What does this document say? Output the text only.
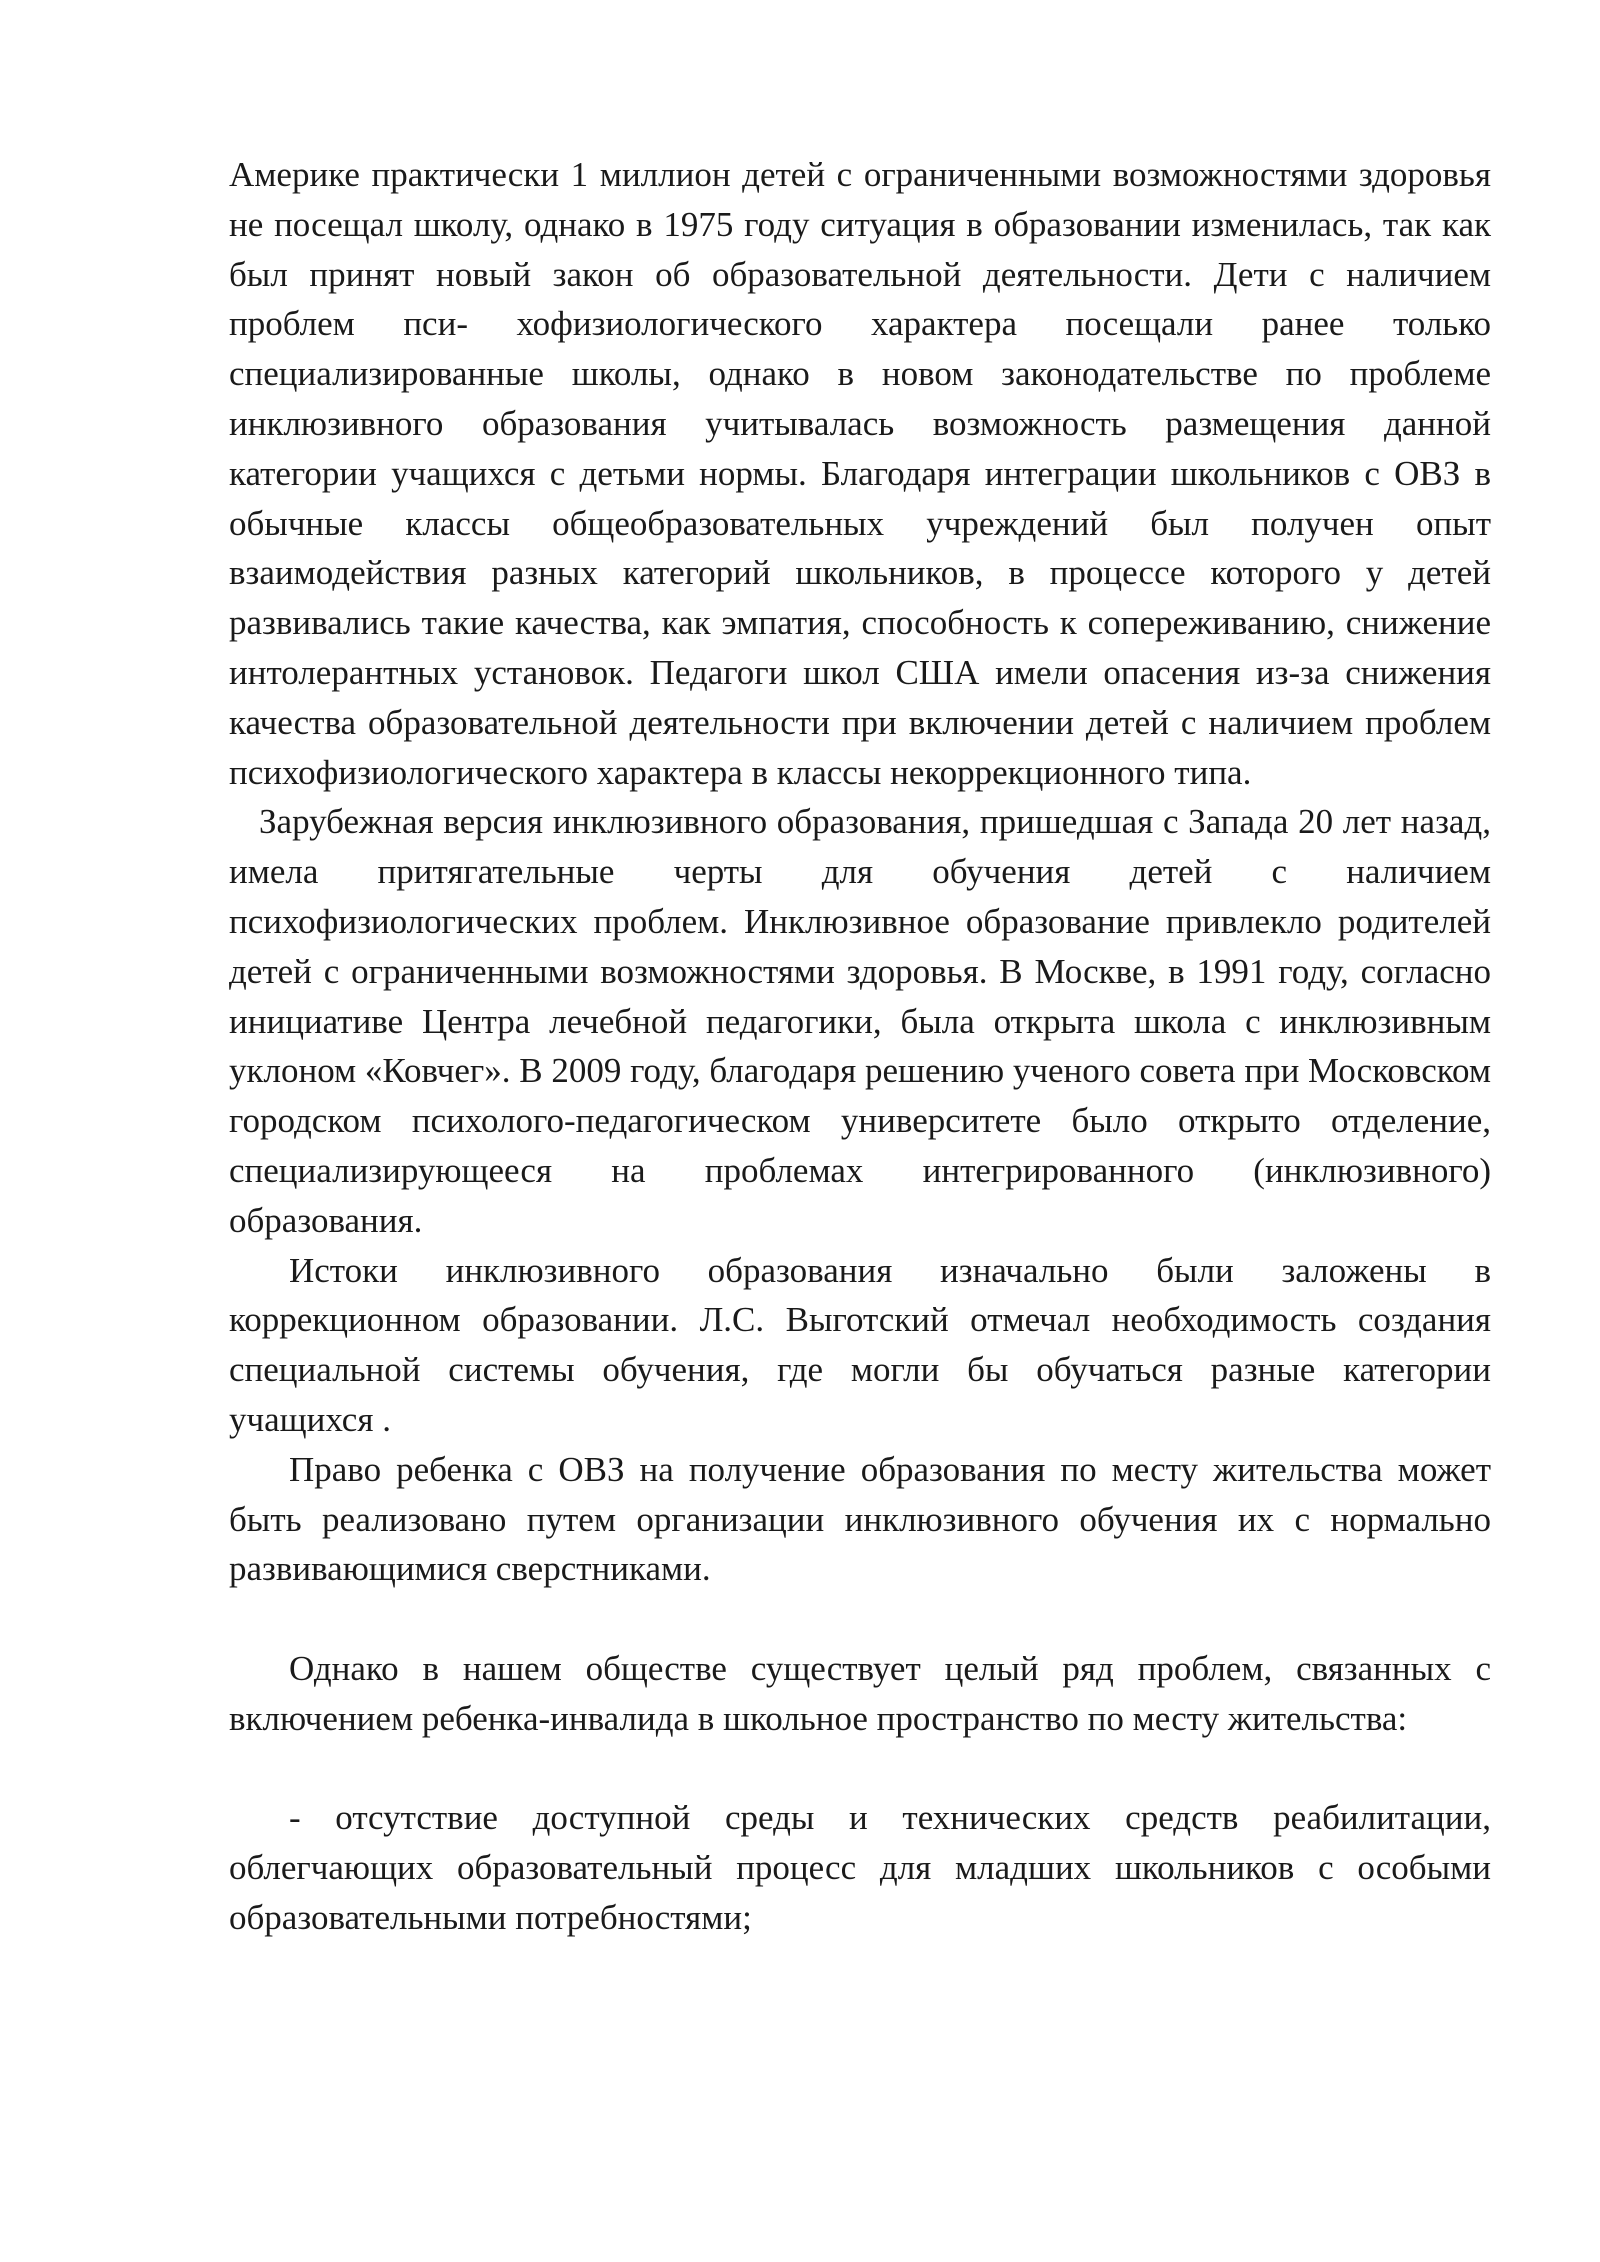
Америке практически 1 миллион детей с ограниченными возможностями здоровья не посещал школу, однако в 1975 году ситуация в образовании изменилась, так как был принят новый закон об образовательной деятельности. Дети с наличием проблем пси- хофизиологического характера посещали ранее только специализированные школы, однако в новом законодательстве по проблеме инклюзивного образования учитывалась возможность размещения данной категории учащихся с детьми нормы. Благодаря интеграции школьников с ОВЗ в обычные классы общеобразовательных учреждений был получен опыт взаимодействия разных категорий школьников, в процессе которого у детей развивались такие качества, как эмпатия, способность к сопереживанию, снижение интолерантных установок. Педагоги школ США имели опасения из-за снижения качества образовательной деятельности при включении детей с наличием проблем психофизиологического характера в классы некоррекционного типа.

Зарубежная версия инклюзивного образования, пришедшая с Запада 20 лет назад, имела притягательные черты для обучения детей с наличием психофизиологических проблем. Инклюзивное образование привлекло родителей детей с ограниченными возможностями здоровья. В Москве, в 1991 году, согласно инициативе Центра лечебной педагогики, была открыта школа с инклюзивным уклоном «Ковчег». В 2009 году, благодаря решению ученого совета при Московском городском психолого-педагогическом университете было открыто отделение, специализирующееся на проблемах интегрированного (инклюзивного) образования.

Истоки инклюзивного образования изначально были заложены в коррекционном образовании. Л.С. Выготский отмечал необходимость создания специальной системы обучения, где могли бы обучаться разные категории учащихся .

Право ребенка с ОВЗ на получение образования по месту жительства может быть реализовано путем организации инклюзивного обучения их с нормально развивающимися сверстниками.

Однако в нашем обществе существует целый ряд проблем, связанных с включением ребенка-инвалида в школьное пространство по месту жительства:

- отсутствие доступной среды и технических средств реабилитации, облегчающих образовательный процесс для младших школьников с особыми образовательными потребностями;
